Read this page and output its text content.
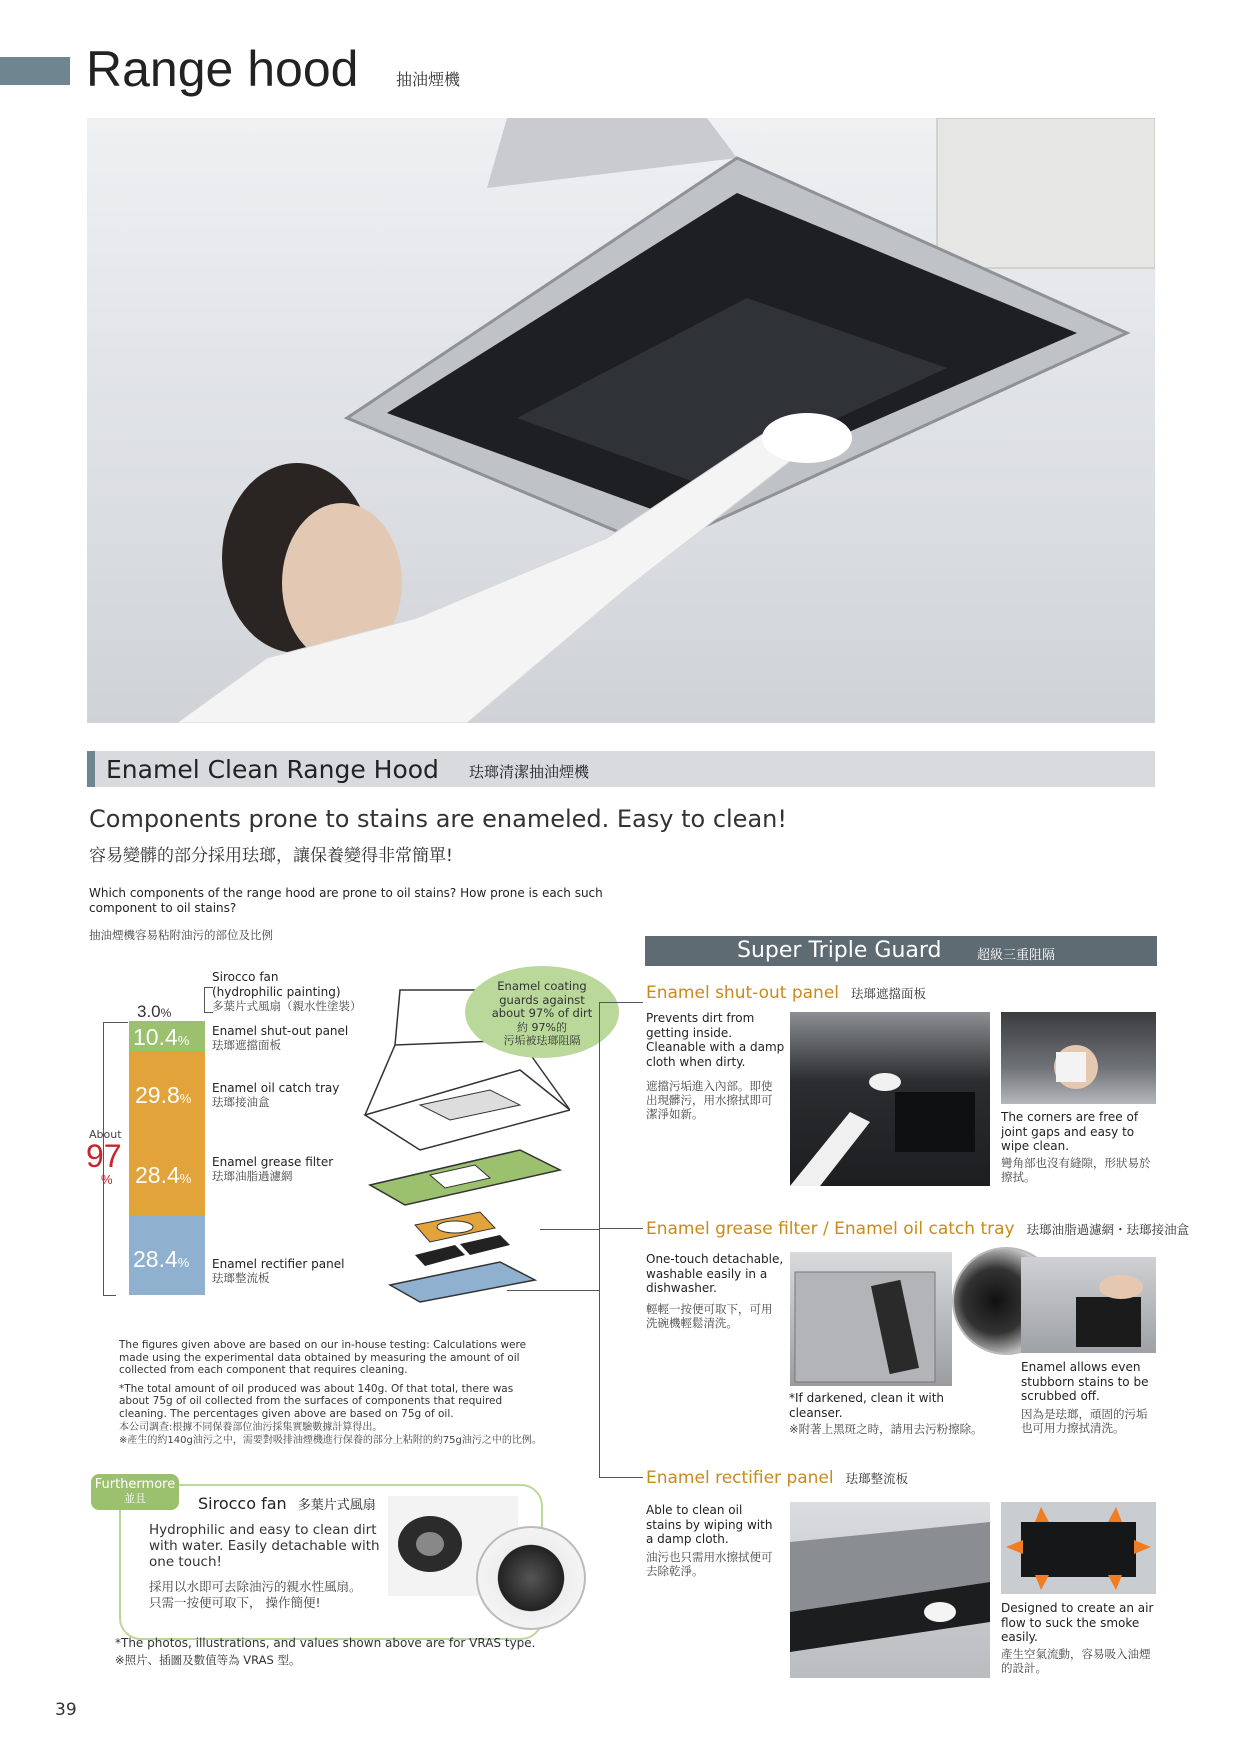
Range hood 抽油煙機
Enamel Clean Range Hood 珐瑯清潔抽油煙機
Components prone to stains are enameled. Easy to clean!
容易變髒的部分採用珐瑯，讓保養變得非常簡單!
Which components of the range hood are prone to oil stains? How prone is each such component to oil stains?
抽油煙機容易粘附油污的部位及比例
About
97
%
3.0%
10.4%
29.8%
28.4%
28.4%
Sirocco fan
(hydrophilic painting)
多葉片式風扇（親水性塗裝）
Enamel shut-out panel
珐瑯遮擋面板
Enamel oil catch tray
珐瑯接油盒
Enamel grease filter
珐瑯油脂過濾網
Enamel rectifier panel
珐瑯整流板
Enamel coating guards against about 97% of dirt
約 97%的
污垢被珐瑯阻隔
The figures given above are based on our in-house testing: Calculations were made using the experimental data obtained by measuring the amount of oil collected from each component that requires cleaning.
*The total amount of oil produced was about 140g. Of that total, there was about 75g of oil collected from the surfaces of components that required cleaning. The percentages given above are based on 75g of oil.
本公司調查:根據不同保養部位油污採集實驗數據計算得出。
※產生的約140g油污之中，需要對吸排油煙機進行保養的部分上粘附的約75g油污之中的比例。
Furthermore
並且	Sirocco fan 多葉片式風扇
Hydrophilic and easy to clean dirt with water. Easily detachable with one touch!
採用以水即可去除油污的親水性風扇。
只需一按便可取下， 操作簡便!
*The photos, illustrations, and values shown above are for VRAS type.
※照片、插圖及數值等為 VRAS 型。
39
Super Triple Guard	超級三重阻隔
Enamel shut-out panel 珐瑯遮擋面板
Prevents dirt from getting inside. Cleanable with a damp cloth when dirty.
遮擋污垢進入內部。即使出現髒污，用水擦拭即可潔淨如新。	The corners are free of joint gaps and easy to wipe clean.
彎角部也沒有縫隙，形狀易於擦拭。
Enamel grease filter / Enamel oil catch tray 珐瑯油脂過濾網・珐瑯接油盒
One-touch detachable, washable easily in a dishwasher.
輕輕一按便可取下，可用洗碗機輕鬆清洗。
*If darkened, clean it with cleanser.
※附著上黑斑之時，請用去污粉擦除。
Enamel allows even stubborn stains to be scrubbed off.
因為是珐瑯，頑固的污垢也可用力擦拭清洗。
Enamel rectifier panel 珐瑯整流板
Able to clean oil stains by wiping with a damp cloth.
油污也只需用水擦拭便可去除乾淨。
Designed to create an air flow to suck the smoke easily.
產生空氣流動，容易吸入油煙的設計。
